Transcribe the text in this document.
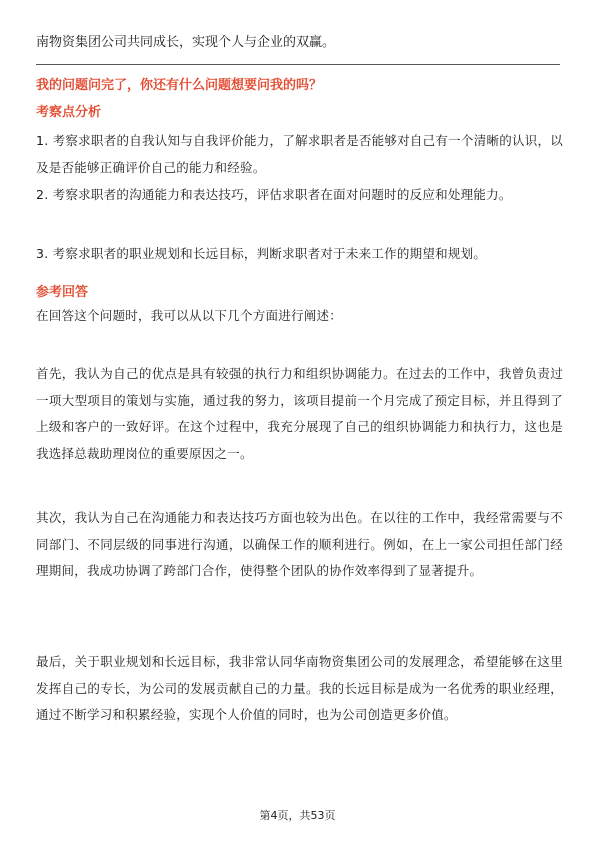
南物资集团公司共同成长，实现个人与企业的双赢。
我的问题问完了，你还有什么问题想要问我的吗？
考察点分析
1. 考察求职者的自我认知与自我评价能力，了解求职者是否能够对自己有一个清晰的认识，以及是否能够正确评价自己的能力和经验。
2. 考察求职者的沟通能力和表达技巧，评估求职者在面对问题时的反应和处理能力。
3. 考察求职者的职业规划和长远目标，判断求职者对于未来工作的期望和规划。
参考回答
在回答这个问题时，我可以从以下几个方面进行阐述：
首先，我认为自己的优点是具有较强的执行力和组织协调能力。在过去的工作中，我曾负责过一项大型项目的策划与实施，通过我的努力，该项目提前一个月完成了预定目标，并且得到了上级和客户的一致好评。在这个过程中，我充分展现了自己的组织协调能力和执行力，这也是我选择总裁助理岗位的重要原因之一。
其次，我认为自己在沟通能力和表达技巧方面也较为出色。在以往的工作中，我经常需要与不同部门、不同层级的同事进行沟通，以确保工作的顺利进行。例如，在上一家公司担任部门经理期间，我成功协调了跨部门合作，使得整个团队的协作效率得到了显著提升。
最后，关于职业规划和长远目标，我非常认同华南物资集团公司的发展理念，希望能够在这里发挥自己的专长，为公司的发展贡献自己的力量。我的长远目标是成为一名优秀的职业经理，通过不断学习和积累经验，实现个人价值的同时，也为公司创造更多价值。
第4页，共53页
